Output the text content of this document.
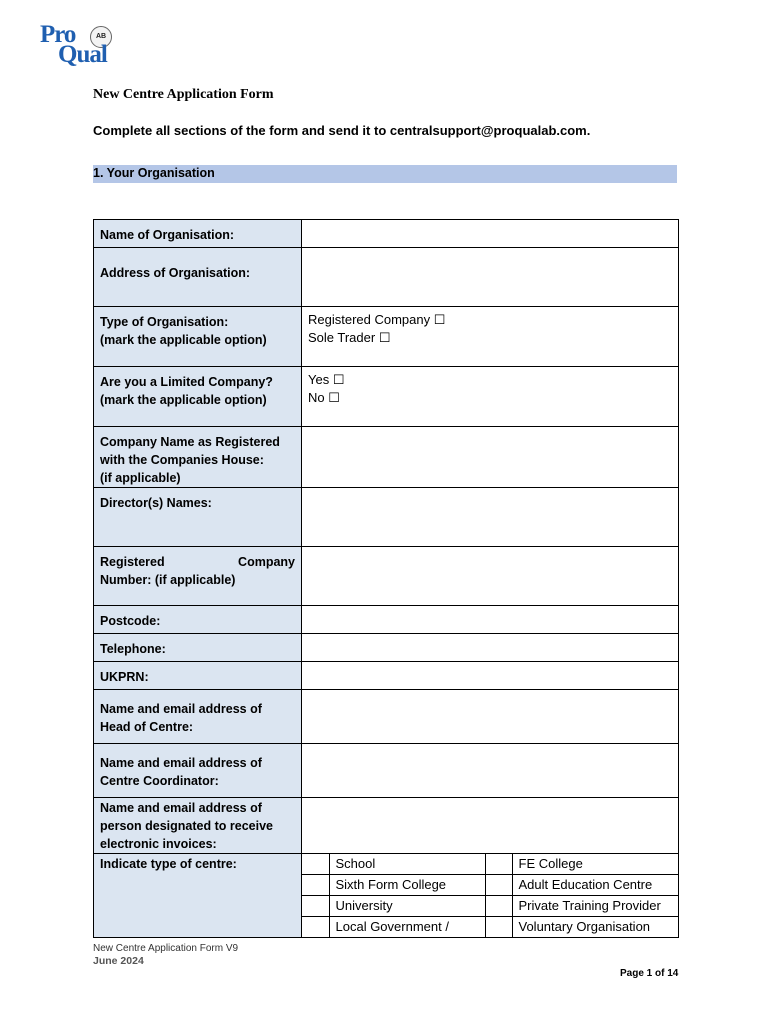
Pro	AB
Qual
New Centre Application Form
Complete all sections of the form and send it to centralsupport@proqualab.com.
1. Your Organisation
Name of Organisation:

Address of Organisation:

Type of Organisation:
(mark the applicable option)

Registered Company ☐
Sole Trader ☐

Are you a Limited Company?
(mark the applicable option)

Yes ☐
No ☐

Company Name as Registered
with the Companies House:
(if applicable)

Director(s) Names:

Registered Company
Number: (if applicable)

Postcode:

Telephone:

UKPRN:

Name and email address of
Head of Centre:

Name and email address of
Centre Coordinator:

Name and email address of
person designated to receive
electronic invoices:

Indicate type of centre:

		School		FE College
	Sixth Form College		Adult Education Centre
	University		Private Training Provider
	Local Government /		Voluntary Organisation
New Centre Application Form V9
June 2024
Page 1 of 14
